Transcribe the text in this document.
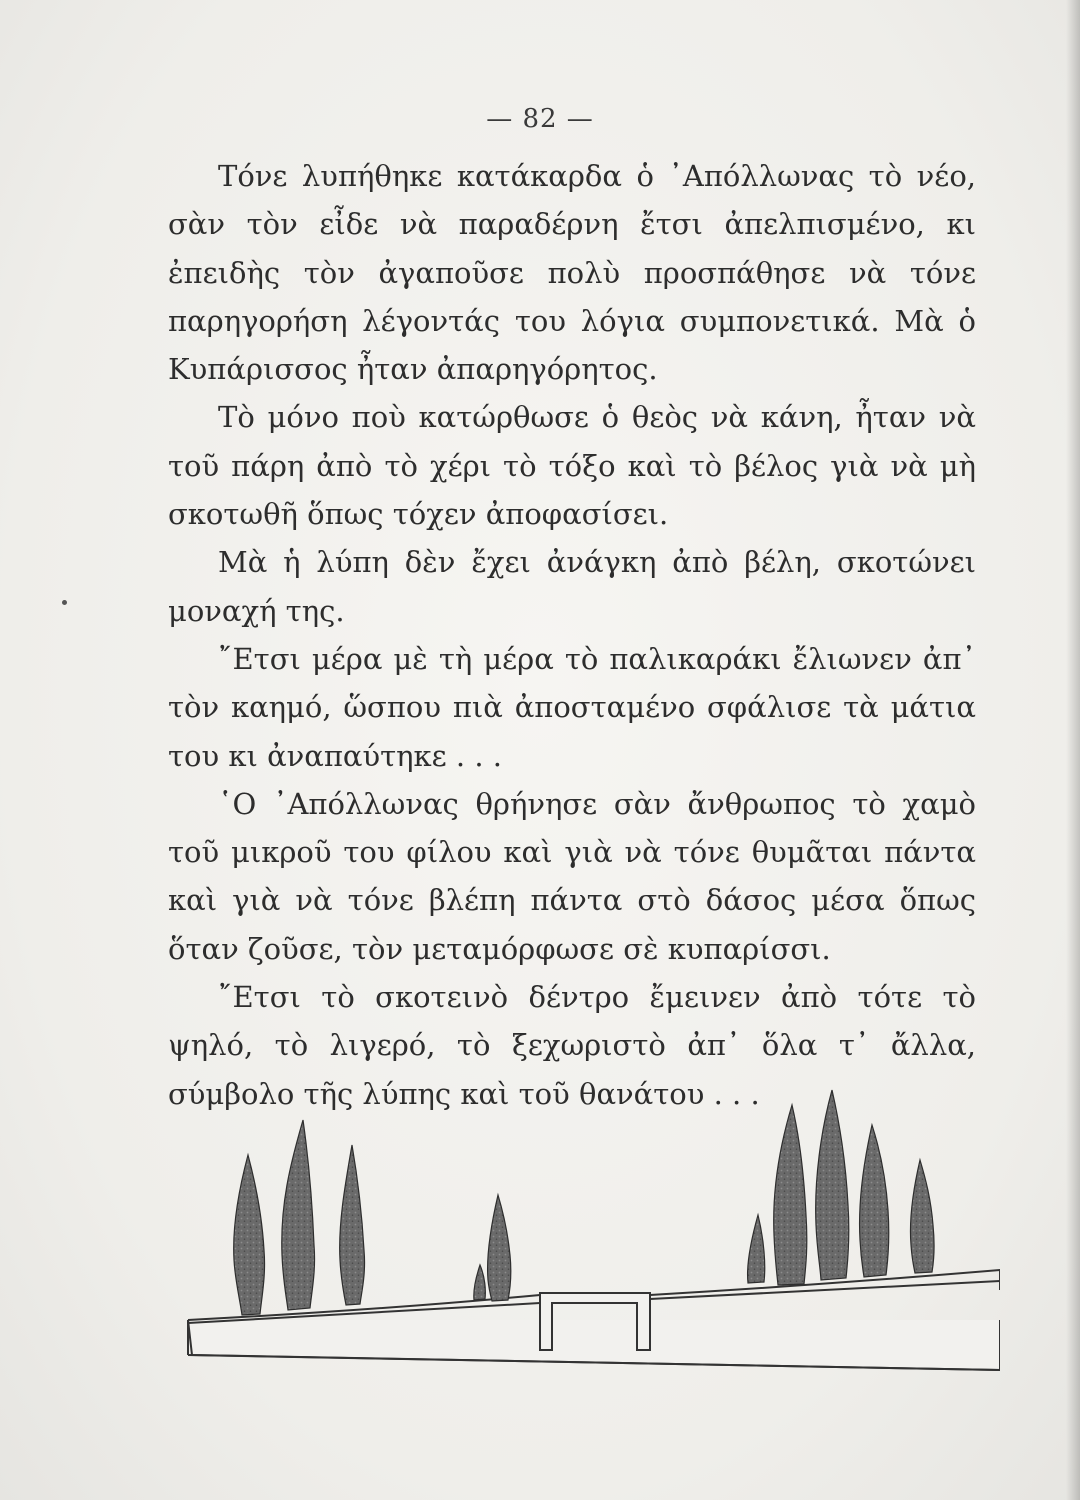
— 82 —

Τόνε λυπήθηκε κατάκαρδα ὁ ᾿Απόλλωνας τὸ νέο, σὰν τὸν εἶδε νὰ παραδέρνη ἔτσι ἀπελπισμένο, κι ἐπειδὴς τὸν ἀγαποῦσε πολὺ προσπάθησε νὰ τόνε παρηγορήση λέγοντάς του λόγια συμπονετικά. Μὰ ὁ Κυπάρισσος ἦταν ἀπαρηγόρητος.

Τὸ μόνο ποὺ κατώρθωσε ὁ θεὸς νὰ κάνη, ἦταν νὰ τοῦ πάρη ἀπὸ τὸ χέρι τὸ τόξο καὶ τὸ βέλος γιὰ νὰ μὴ σκοτωθῆ ὅπως τόχεν ἀποφασίσει.

Μὰ ἡ λύπη δὲν ἔχει ἀνάγκη ἀπὸ βέλη, σκοτώνει μοναχή της.

῎Ετσι μέρα μὲ τὴ μέρα τὸ παλικαράκι ἔλιωνεν ἀπ᾿ τὸν καημό, ὥσπου πιὰ ἀποσταμένο σφάλισε τὰ μάτια του κι ἀναπαύτηκε . . .

῾Ο ᾿Απόλλωνας θρήνησε σὰν ἄνθρωπος τὸ χαμὸ τοῦ μικροῦ του φίλου καὶ γιὰ νὰ τόνε θυμᾶται πάντα καὶ γιὰ νὰ τόνε βλέπη πάντα στὸ δάσος μέσα ὅπως ὅταν ζοῦσε, τὸν μεταμόρφωσε σὲ κυπαρίσσι.

῎Ετσι τὸ σκοτεινὸ δέντρο ἔμεινεν ἀπὸ τότε τὸ ψηλό, τὸ λιγερό, τὸ ξεχωριστὸ ἀπ᾿ ὅλα τ᾿ ἄλλα, σύμβολο τῆς λύπης καὶ τοῦ θανάτου . . .
